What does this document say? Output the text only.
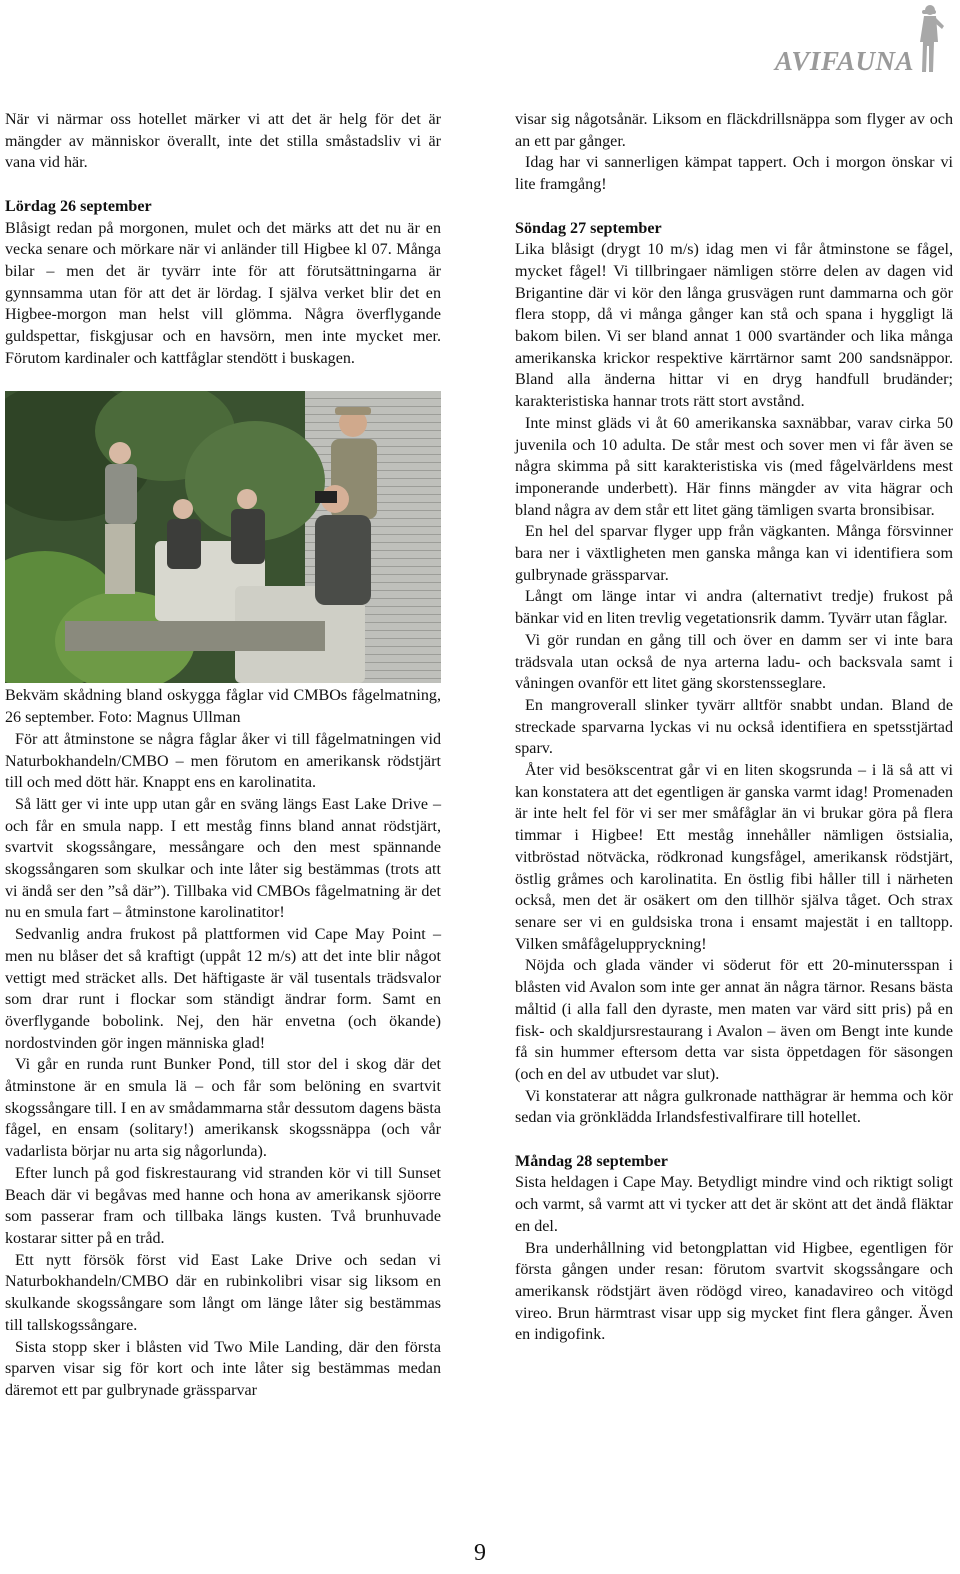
AVIFAUNA

När vi närmar oss hotellet märker vi att det är helg för det är mängder av människor överallt, inte det stilla småstadsliv vi är vana vid här.

Lördag 26 september

Blåsigt redan på morgonen, mulet och det märks att det nu är en vecka senare och mörkare när vi anländer till Higbee kl 07. Många bilar – men det är tyvärr inte för att förutsättningarna är gynnsamma utan för att det är lördag. I själva verket blir det en Higbee-morgon man helst vill glömma. Några överflygande guldspettar, fiskgjusar och en havsörn, men inte mycket mer. Förutom kardinaler och kattfåglar stendött i buskagen.

Bekväm skådning bland oskygga fåglar vid CMBOs fågelmatning, 26 september. Foto: Magnus Ullman

För att åtminstone se några fåglar åker vi till fågelmatningen vid Naturbokhandeln/CMBO – men förutom en amerikansk rödstjärt till och med dött här. Knappt ens en karolinatita.

Så lätt ger vi inte upp utan går en sväng längs East Lake Drive – och får en smula napp. I ett meståg finns bland annat rödstjärt, svartvit skogssångare, messångare och den mest spännande skogssångaren som skulkar och inte låter sig bestämmas (trots att vi ändå ser den ”så där”). Tillbaka vid CMBOs fågelmatning är det nu en smula fart – åtminstone karolinatitor!

Sedvanlig andra frukost på plattformen vid Cape May Point – men nu blåser det så kraftigt (uppåt 12 m/s) att det inte blir något vettigt med sträcket alls. Det häftigaste är väl tusentals trädsvalor som drar runt i flockar som ständigt ändrar form. Samt en överflygande bobolink. Nej, den här envetna (och ökande) nordostvinden gör ingen människa glad!

Vi går en runda runt Bunker Pond, till stor del i skog där det åtminstone är en smula lä – och får som belöning en svartvit skogssångare till. I en av smådammarna står dessutom dagens bästa fågel, en ensam (solitary!) amerikansk skogssnäppa (och vår vadarlista börjar nu arta sig någorlunda).

Efter lunch på god fiskrestaurang vid stranden kör vi till Sunset Beach där vi begåvas med hanne och hona av amerikansk sjöorre som passerar fram och tillbaka längs kusten. Två brunhuvade kostarar sitter på en tråd.

Ett nytt försök först vid East Lake Drive och sedan vi Naturbokhandeln/CMBO där en rubinkolibri visar sig liksom en skulkande skogssångare som långt om länge låter sig bestämmas till tallskogssångare.

Sista stopp sker i blåsten vid Two Mile Landing, där den första sparven visar sig för kort och inte låter sig bestämmas medan däremot ett par gulbrynade grässparvar

visar sig någotsånär. Liksom en fläckdrillsnäppa som flyger av och an ett par gånger.

Idag har vi sannerligen kämpat tappert. Och i morgon önskar vi lite framgång!

Söndag 27 september

Lika blåsigt (drygt 10 m/s) idag men vi får åtminstone se fågel, mycket fågel! Vi tillbringaer nämligen större delen av dagen vid Brigantine där vi kör den långa grusvägen runt dammarna och gör flera stopp, då vi många gånger kan stå och spana i hyggligt lä bakom bilen. Vi ser bland annat 1 000 svartänder och lika många amerikanska krickor respektive kärrtärnor samt 200 sandsnäppor. Bland alla änderna hittar vi en dryg handfull brudänder; karakteristiska hannar trots rätt stort avstånd.

Inte minst gläds vi åt 60 amerikanska saxnäbbar, varav cirka 50 juvenila och 10 adulta. De står mest och sover men vi får även se några skimma på sitt karakteristiska vis (med fågelvärldens mest imponerande underbett). Här finns mängder av vita hägrar och bland några av dem står ett litet gäng tämligen svarta bronsibisar.

En hel del sparvar flyger upp från vägkanten. Många försvinner bara ner i växtligheten men ganska många kan vi identifiera som gulbrynade grässparvar.

Långt om länge intar vi andra (alternativt tredje) frukost på bänkar vid en liten trevlig vegetationsrik damm. Tyvärr utan fåglar.

Vi gör rundan en gång till och över en damm ser vi inte bara trädsvala utan också de nya arterna ladu- och backsvala samt i våningen ovanför ett litet gäng skorstensseglare.

En mangroverall slinker tyvärr alltför snabbt undan. Bland de streckade sparvarna lyckas vi nu också identifiera en spetsstjärtad sparv.

Åter vid besökscentrat går vi en liten skogsrunda – i lä så att vi kan konstatera att det egentligen är ganska varmt idag! Promenaden är inte helt fel för vi ser mer småfåglar än vi brukar göra på flera timmar i Higbee! Ett meståg innehåller nämligen östsialia, vitbröstad nötväcka, rödkronad kungsfågel, amerikansk rödstjärt, östlig gråmes och karolinatita. En östlig fibi håller till i närheten också, men det är osäkert om den tillhör själva tåget. Och strax senare ser vi en guldsiska trona i ensamt majestät i en talltopp. Vilken småfågeluppryckning!

Nöjda och glada vänder vi söderut för ett 20-minutersspan i blåsten vid Avalon som inte ger annat än några tärnor. Resans bästa måltid (i alla fall den dyraste, men maten var värd sitt pris) på en fisk- och skaldjursrestaurang i Avalon – även om Bengt inte kunde få sin hummer eftersom detta var sista öppetdagen för säsongen (och en del av utbudet var slut).

Vi konstaterar att några gulkronade natthägrar är hemma och kör sedan via grönklädda Irlandsfestivalfirare till hotellet.

Måndag 28 september

Sista heldagen i Cape May. Betydligt mindre vind och riktigt soligt och varmt, så varmt att vi tycker att det är skönt att det ändå fläktar en del.

Bra underhållning vid betongplattan vid Higbee, egentligen för första gången under resan: förutom svartvit skogssångare och amerikansk rödstjärt även rödögd vireo, kanadavireo och vitögd vireo. Brun härmtrast visar upp sig mycket fint flera gånger. Även en indigofink.

9
